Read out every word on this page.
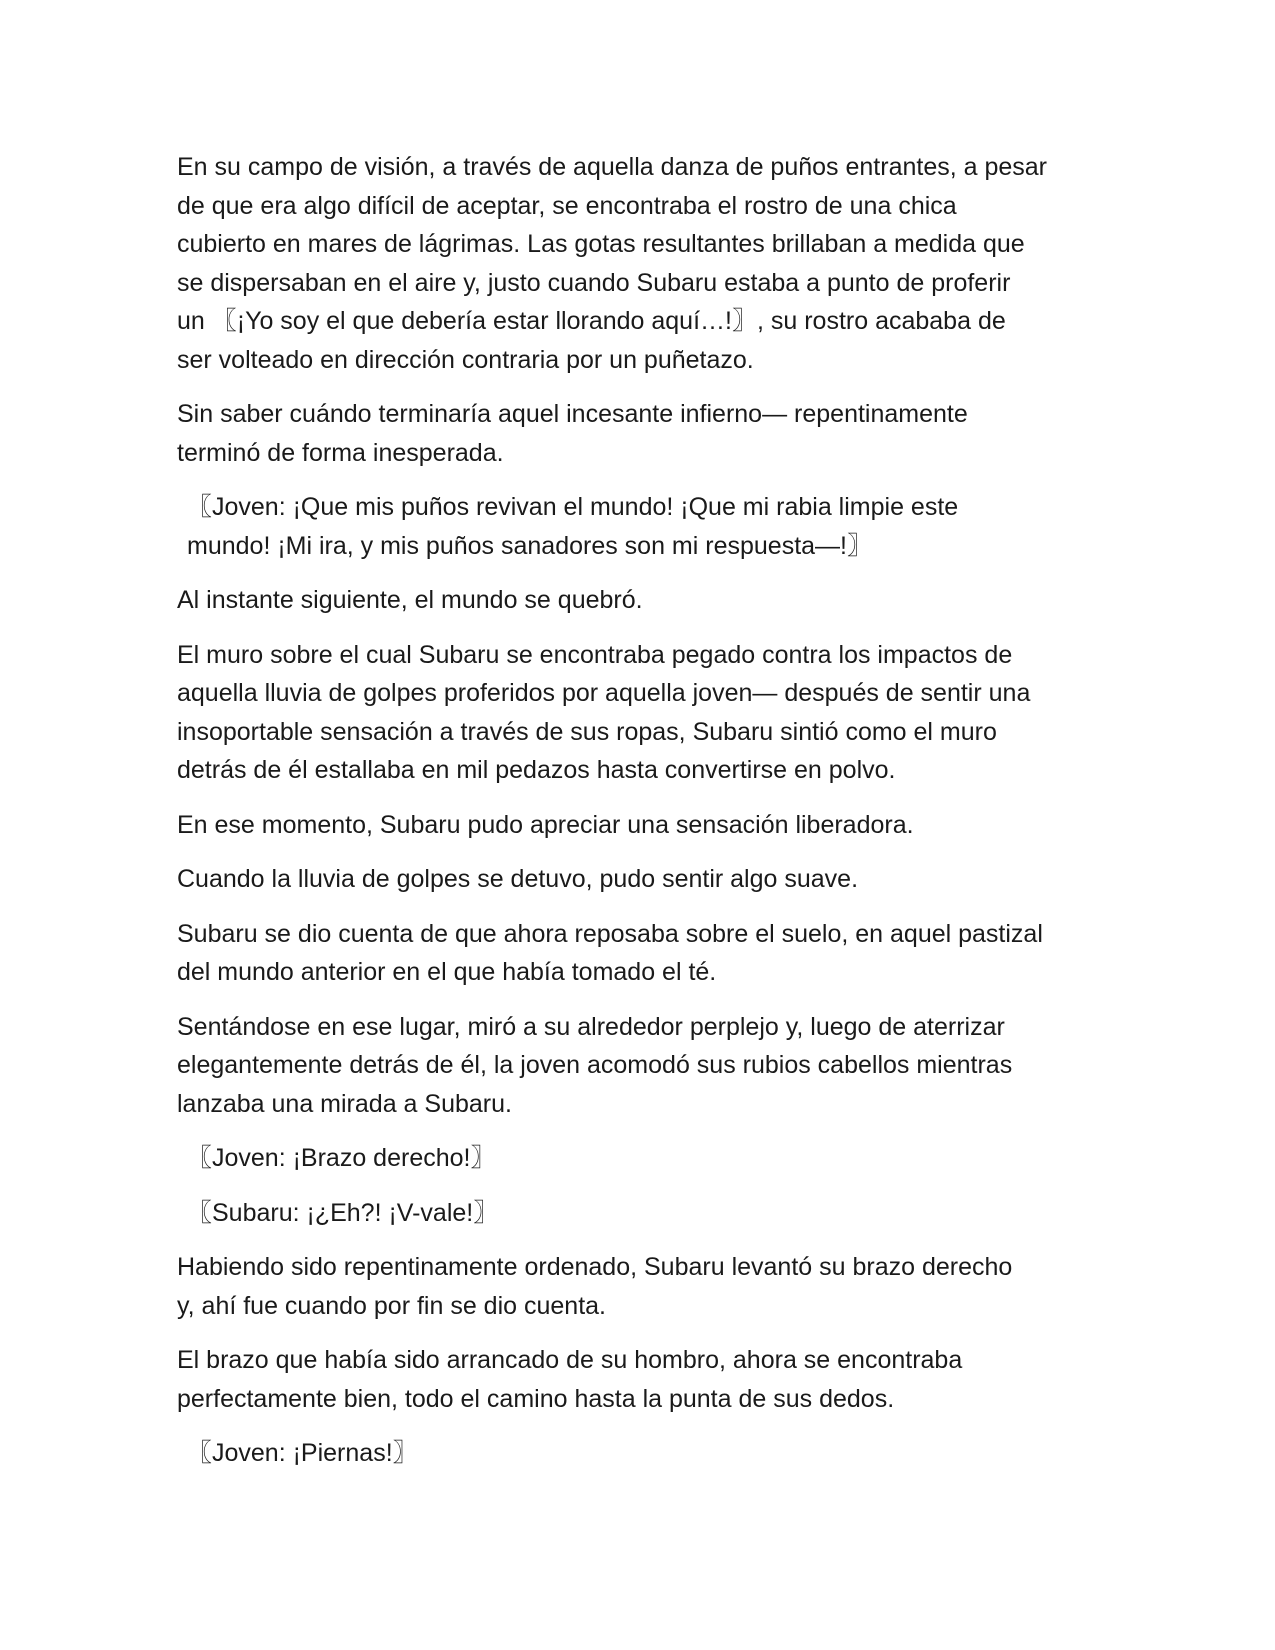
En su campo de visión, a través de aquella danza de puños entrantes, a pesar
de que era algo difícil de aceptar, se encontraba el rostro de una chica
cubierto en mares de lágrimas. Las gotas resultantes brillaban a medida que
se dispersaban en el aire y, justo cuando Subaru estaba a punto de proferir
un 〖¡Yo soy el que debería estar llorando aquí…!〗, su rostro acababa de
ser volteado en dirección contraria por un puñetazo.

Sin saber cuándo terminaría aquel incesante infierno— repentinamente
terminó de forma inesperada.

〖Joven: ¡Que mis puños revivan el mundo! ¡Que mi rabia limpie este
mundo! ¡Mi ira, y mis puños sanadores son mi respuesta—!〗

Al instante siguiente, el mundo se quebró.

El muro sobre el cual Subaru se encontraba pegado contra los impactos de
aquella lluvia de golpes proferidos por aquella joven— después de sentir una
insoportable sensación a través de sus ropas, Subaru sintió como el muro
detrás de él estallaba en mil pedazos hasta convertirse en polvo.

En ese momento, Subaru pudo apreciar una sensación liberadora.

Cuando la lluvia de golpes se detuvo, pudo sentir algo suave.

Subaru se dio cuenta de que ahora reposaba sobre el suelo, en aquel pastizal
del mundo anterior en el que había tomado el té.

Sentándose en ese lugar, miró a su alrededor perplejo y, luego de aterrizar
elegantemente detrás de él, la joven acomodó sus rubios cabellos mientras
lanzaba una mirada a Subaru.

〖Joven: ¡Brazo derecho!〗

〖Subaru: ¡¿Eh?! ¡V-vale!〗

Habiendo sido repentinamente ordenado, Subaru levantó su brazo derecho
y, ahí fue cuando por fin se dio cuenta.

El brazo que había sido arrancado de su hombro, ahora se encontraba
perfectamente bien, todo el camino hasta la punta de sus dedos.

〖Joven: ¡Piernas!〗
